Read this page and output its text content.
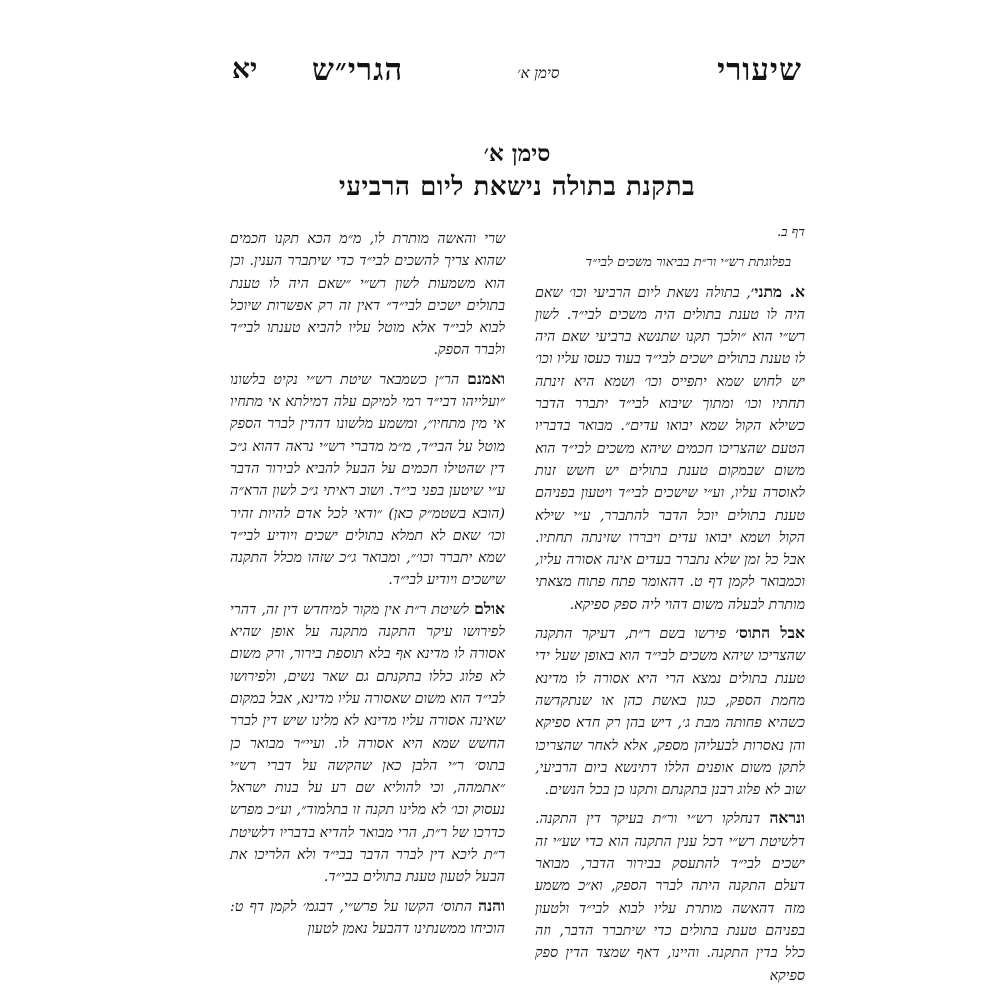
שיעורי
סימן א׳
הגרי״ש
יא
סימן א׳
בתקנת בתולה נישאת ליום הרביעי
דף ב.
בפלוגתת רש״י ור״ת בביאור משכים לבי״ד

א. מתני׳, בתולה נשאת ליום הרביעי וכו׳ שאם היה לו טענת בתולים היה משכים לבי״ד. לשון רש״י הוא ״ולכך תקנו שתנשא ברביעי שאם היה לו טענת בתולים ישכים לבי״ד בעוד כעסו עליו וכו׳ יש לחוש שמא יתפייס וכו׳ ושמא היא זינתה תחתיו וכו׳ ומתוך שיבוא לבי״ד יתברר הדבר כשילא הקול שמא יבואו עדים״. מבואר בדבריו הטעם שהצריכו חכמים שיהא משכים לבי״ד הוא משום שבמקום טענת בתולים יש חשש זנות לאוסרה עליו, וע״י שישכים לבי״ד ויטעון בפניהם טענת בתולים יוכל הדבר להתברר, ע״י שילא הקול ושמא יבואו עדים ויבררו שזינתה תחתיו. אבל כל זמן שלא נתברר בעדים אינה אסורה עליו, וכמבואר לקמן דף ט. דהאומר פתח פתוח מצאתי מותרת לבעלה משום דהוי ליה ספק ספיקא.

אבל התוס׳ פירשו בשם ר״ת, דעיקר התקנה שהצריכו שיהא משכים לבי״ד הוא באופן שעל ידי טענת בתולים נמצא הרי היא אסורה לו מדינא מחמת הספק, כגון באשת כהן או שנתקדשה כשהיא פחותה מבת ג׳, דיש בהן רק חדא ספיקא והן נאסרות לבעליהן מספק, אלא לאחר שהצריכו לתקן משום אופנים הללו דתינשא ביום הרביעי, שוב לא פלוג רבנן בתקנתם ותקנו כן בכל הנשים.

ונראה דנחלקו רש״י ור״ת בעיקר דין התקנה. דלשיטת רש״י דכל ענין התקנה הוא כדי שע״י זה ישכים לבי״ד להתעסק בבירור הדבר, מבואר דעלם התקנה היתה לברר הספק, וא״כ משמע מזה דהאשה מותרת עליו לבוא לבי״ד ולטעון בפניהם טענת בתולים כדי שיתברר הדבר, וזה כלל בדין התקנה. והיינו, דאף שמצד הדין ספק ספיקא

שרי והאשה מותרת לו, מ״מ הכא תקנו חכמים שהוא צריך להשכים לבי״ד כדי שיתברר הענין. וכן הוא משמעות לשון רש״י ״שאם היה לו טענת בתולים ישכים לבי״ד״ דאין זה רק אפשרות שיוכל לבוא לבי״ד אלא מוטל עליו להביא טענתו לבי״ד ולברר הספק.

ואמנם הר״ן כשמבאר שיטת רש״י נקיט בלשונו ״ועלייהו דבי״ד רמי למיקם עלה דמילתא אי מתחיו אי מין מתחיו״, ומשמע מלשונו דהדין לברר הספק מוטל על הבי״ד, מ״מ מדברי רש״י נראה דהוא ג״כ דין שהטילו חכמים על הבעל להביא לבירור הדבר ע״י שיטען בפני בי״ד. ושוב ראיתי ג״כ לשון הרא״ה (הובא בשטמ״ק כאן) ״ודאי לכל אדם להיות זהיר וכו׳ שאם לא תמלא בתולים ישכים ויודיע לבי״ד שמא יתברר וכו׳״, ומבואר ג״כ שזהו מכלל התקנה שישכים ויודיע לבי״ד.

אולם לשיטת ר״ת אין מקור למיחדש דין זה, דהרי לפירושו עיקר התקנה מתקנה על אופן שהיא אסורה לו מדינא אף בלא תוספת בירור, ורק משום לא פלוג כללו בתקנתם גם שאר נשים, ולפירושו לבי״ד הוא משום שאסורה עליו מדינא, אבל במקום שאינה אסורה עליו מדינא לא מלינו שיש דין לברר החשש שמא היא אסורה לו. ועיי״ר מבואר כן בתוס׳ ר״י הלבן כאן שהקשה על דברי רש״י ״אתמהה, וכי להוליא שם רע על בנות ישראל נעסוק וכו׳ לא מלינו תקנה זו בתלמוד״, וע״כ מפרש כדרכו של ר״ת, הרי מבואר להדיא בדבריו דלשיטת ר״ת ליכא דין לברר הדבר בבי״ד ולא הלריכו את הבעל לטעון טענת בתולים בבי״ד.

והנה התוס׳ הקשו על פרש״י, דבגמ׳ לקמן דף ט: הוכיחו ממשנתינו דהבעל נאמן לטעון
